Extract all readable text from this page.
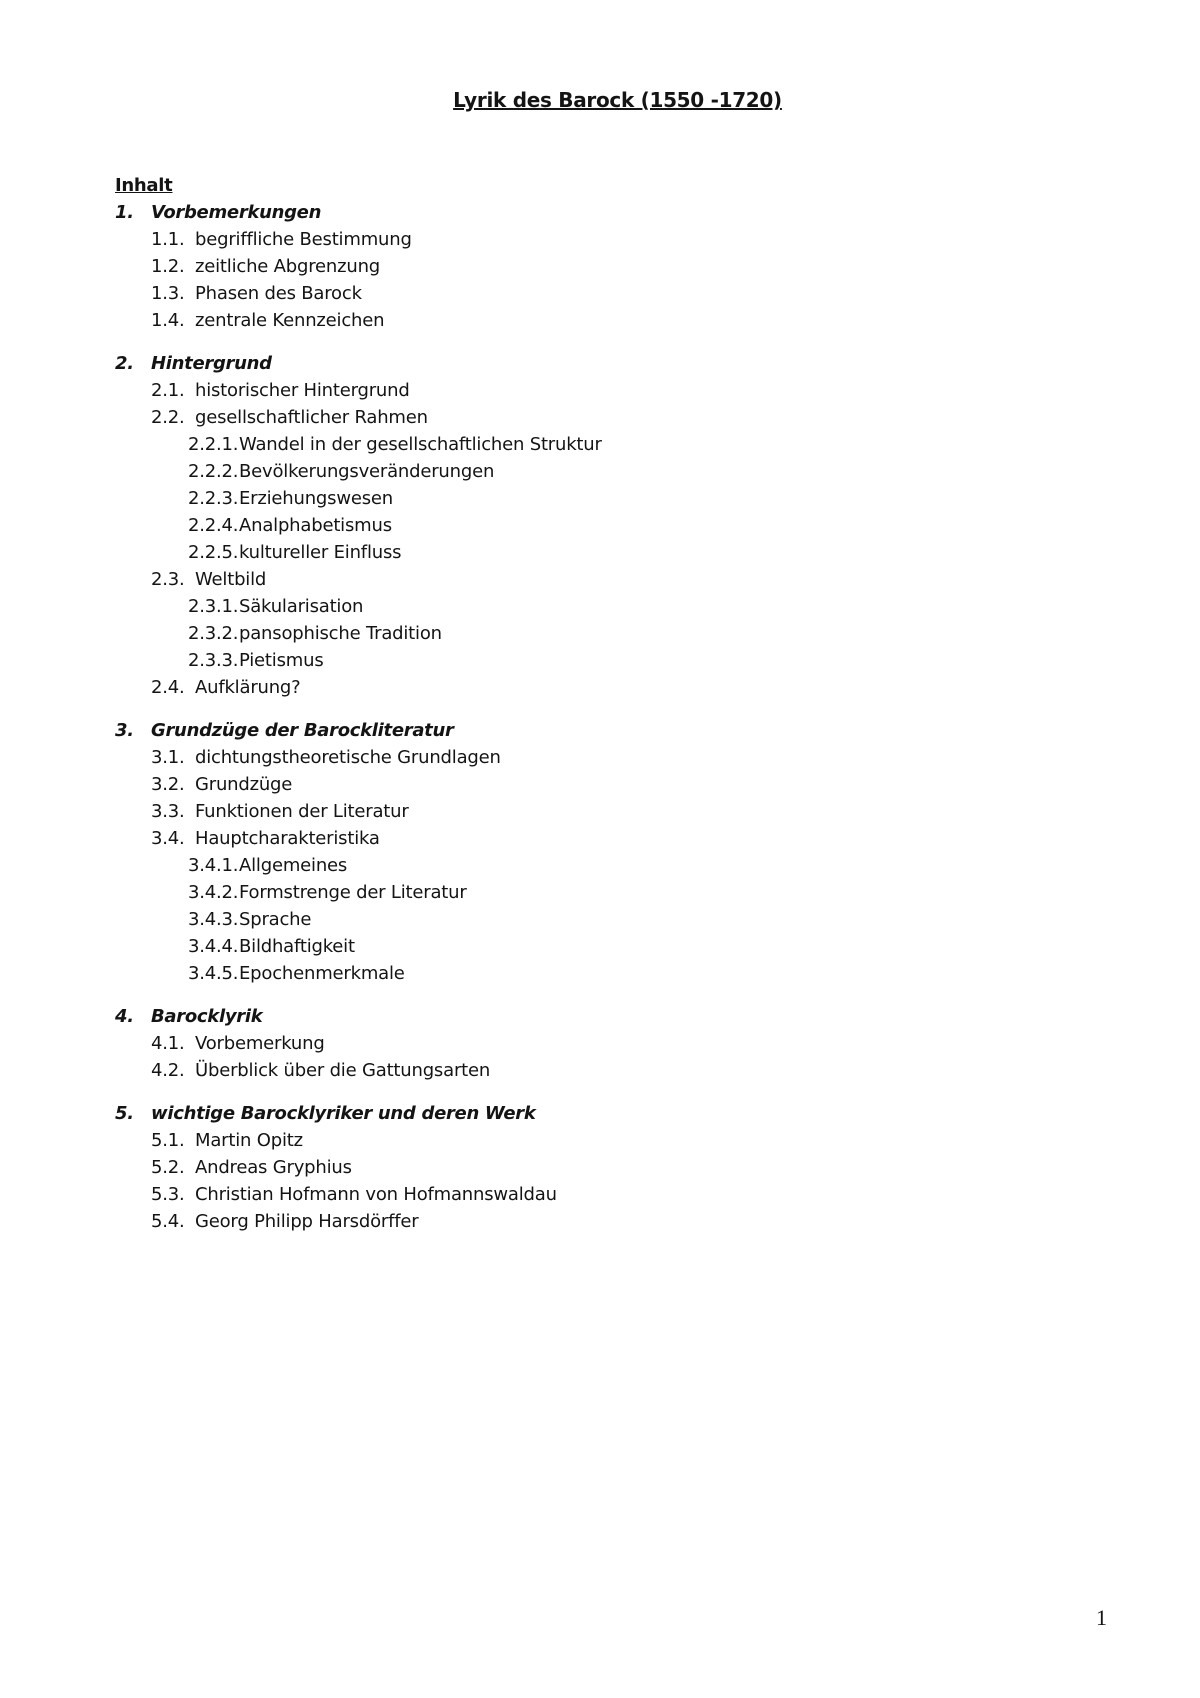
Lyrik des Barock (1550 -1720)
Inhalt
1. Vorbemerkungen
1.1. begriffliche Bestimmung
1.2. zeitliche Abgrenzung
1.3. Phasen des Barock
1.4. zentrale Kennzeichen
2. Hintergrund
2.1. historischer Hintergrund
2.2. gesellschaftlicher Rahmen
2.2.1. Wandel in der gesellschaftlichen Struktur
2.2.2. Bevölkerungsveränderungen
2.2.3. Erziehungswesen
2.2.4. Analphabetismus
2.2.5. kultureller Einfluss
2.3. Weltbild
2.3.1. Säkularisation
2.3.2. pansophische Tradition
2.3.3. Pietismus
2.4. Aufklärung?
3. Grundzüge der Barockliteratur
3.1. dichtungstheoretische Grundlagen
3.2. Grundzüge
3.3. Funktionen der Literatur
3.4. Hauptcharakteristika
3.4.1. Allgemeines
3.4.2. Formstrenge der Literatur
3.4.3. Sprache
3.4.4. Bildhaftigkeit
3.4.5. Epochenmerkmale
4. Barocklyrik
4.1. Vorbemerkung
4.2. Überblick über die Gattungsarten
5. wichtige Barocklyriker und deren Werk
5.1. Martin Opitz
5.2. Andreas Gryphius
5.3. Christian Hofmann von Hofmannswaldau
5.4. Georg Philipp Harsdörffer
1
